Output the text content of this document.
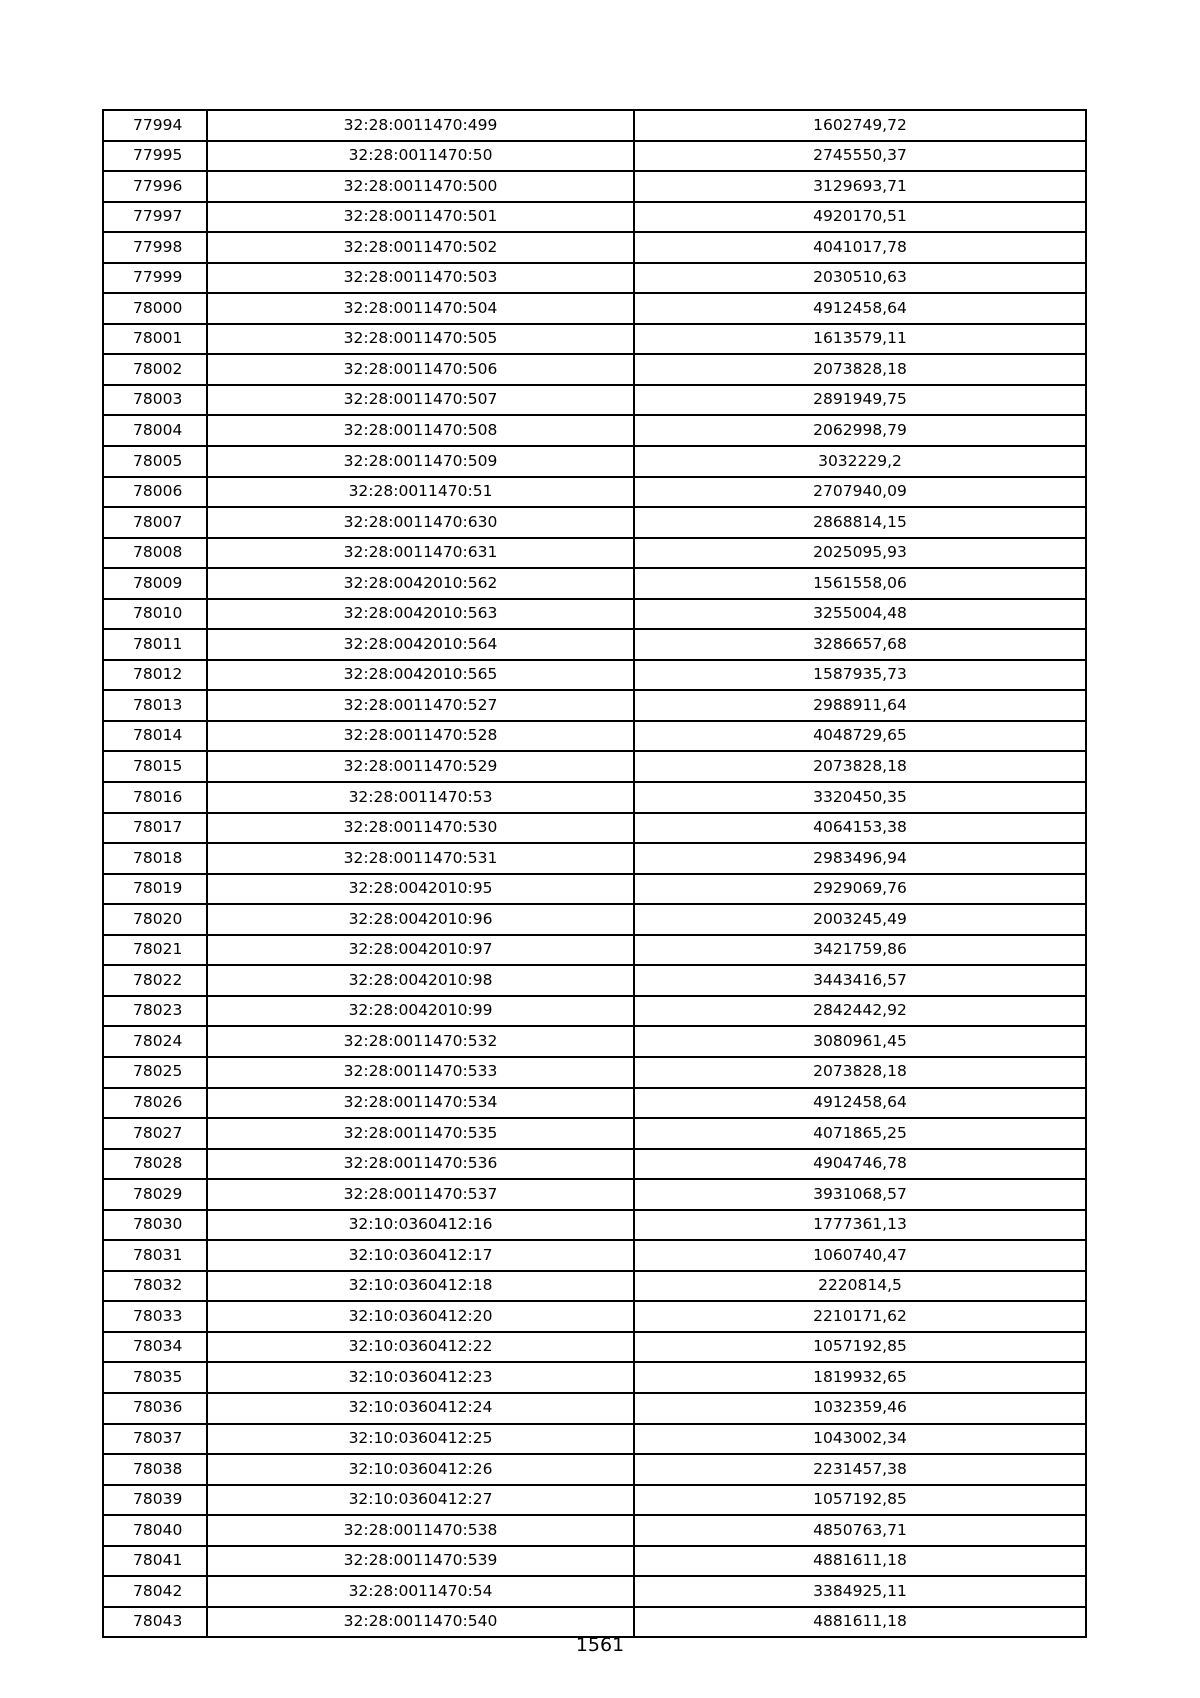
77994	32:28:0011470:499	1602749,72
77995	32:28:0011470:50	2745550,37
77996	32:28:0011470:500	3129693,71
77997	32:28:0011470:501	4920170,51
77998	32:28:0011470:502	4041017,78
77999	32:28:0011470:503	2030510,63
78000	32:28:0011470:504	4912458,64
78001	32:28:0011470:505	1613579,11
78002	32:28:0011470:506	2073828,18
78003	32:28:0011470:507	2891949,75
78004	32:28:0011470:508	2062998,79
78005	32:28:0011470:509	3032229,2
78006	32:28:0011470:51	2707940,09
78007	32:28:0011470:630	2868814,15
78008	32:28:0011470:631	2025095,93
78009	32:28:0042010:562	1561558,06
78010	32:28:0042010:563	3255004,48
78011	32:28:0042010:564	3286657,68
78012	32:28:0042010:565	1587935,73
78013	32:28:0011470:527	2988911,64
78014	32:28:0011470:528	4048729,65
78015	32:28:0011470:529	2073828,18
78016	32:28:0011470:53	3320450,35
78017	32:28:0011470:530	4064153,38
78018	32:28:0011470:531	2983496,94
78019	32:28:0042010:95	2929069,76
78020	32:28:0042010:96	2003245,49
78021	32:28:0042010:97	3421759,86
78022	32:28:0042010:98	3443416,57
78023	32:28:0042010:99	2842442,92
78024	32:28:0011470:532	3080961,45
78025	32:28:0011470:533	2073828,18
78026	32:28:0011470:534	4912458,64
78027	32:28:0011470:535	4071865,25
78028	32:28:0011470:536	4904746,78
78029	32:28:0011470:537	3931068,57
78030	32:10:0360412:16	1777361,13
78031	32:10:0360412:17	1060740,47
78032	32:10:0360412:18	2220814,5
78033	32:10:0360412:20	2210171,62
78034	32:10:0360412:22	1057192,85
78035	32:10:0360412:23	1819932,65
78036	32:10:0360412:24	1032359,46
78037	32:10:0360412:25	1043002,34
78038	32:10:0360412:26	2231457,38
78039	32:10:0360412:27	1057192,85
78040	32:28:0011470:538	4850763,71
78041	32:28:0011470:539	4881611,18
78042	32:28:0011470:54	3384925,11
78043	32:28:0011470:540	4881611,18
1561
